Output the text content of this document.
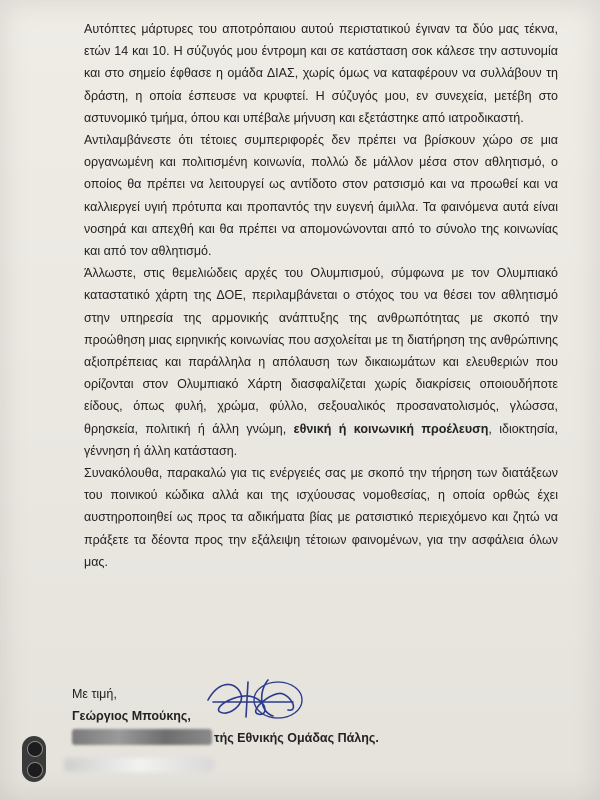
Αυτόπτες μάρτυρες του αποτρόπαιου αυτού περιστατικού έγιναν τα δύο μας τέκνα, ετών 14 και 10. Η σύζυγός μου έντρομη και σε κατάσταση σοκ κάλεσε την αστυνομία και στο σημείο έφθασε η ομάδα ΔΙΑΣ, χωρίς όμως να καταφέρουν να συλλάβουν τη δράστη, η οποία έσπευσε να κρυφτεί. Η σύζυγός μου, εν συνεχεία, μετέβη στο αστυνομικό τμήμα, όπου και υπέβαλε μήνυση και εξετάστηκε από ιατροδικαστή.

Αντιλαμβάνεστε ότι τέτοιες συμπεριφορές δεν πρέπει να βρίσκουν χώρο σε μια οργανωμένη και πολιτισμένη κοινωνία, πολλώ δε μάλλον μέσα στον αθλητισμό, ο οποίος θα πρέπει να λειτουργεί ως αντίδοτο στον ρατσισμό και να προωθεί και να καλλιεργεί υγιή πρότυπα και προπαντός την ευγενή άμιλλα. Τα φαινόμενα αυτά είναι νοσηρά και απεχθή και θα πρέπει να απομονώνονται από το σύνολο της κοινωνίας και από τον αθλητισμό.

Άλλωστε, στις θεμελιώδεις αρχές του Ολυμπισμού, σύμφωνα με τον Ολυμπιακό καταστατικό χάρτη της ΔΟΕ, περιλαμβάνεται ο στόχος του να θέσει τον αθλητισμό στην υπηρεσία της αρμονικής ανάπτυξης της ανθρωπότητας με σκοπό την προώθηση μιας ειρηνικής κοινωνίας που ασχολείται με τη διατήρηση της ανθρώπινης αξιοπρέπειας και παράλληλα η απόλαυση των δικαιωμάτων και ελευθεριών που ορίζονται στον Ολυμπιακό Χάρτη διασφαλίζεται χωρίς διακρίσεις οποιουδήποτε είδους, όπως φυλή, χρώμα, φύλλο, σεξουαλικός προσανατολισμός, γλώσσα, θρησκεία, πολιτική ή άλλη γνώμη, εθνική ή κοινωνική προέλευση, ιδιοκτησία, γέννηση ή άλλη κατάσταση.

Συνακόλουθα, παρακαλώ για τις ενέργειές σας με σκοπό την τήρηση των διατάξεων του ποινικού κώδικα αλλά και της ισχύουσας νομοθεσίας, η οποία ορθώς έχει αυστηροποιηθεί ως προς τα αδικήματα βίας με ρατσιστικό περιεχόμενο και ζητώ να πράξετε τα δέοντα προς την εξάλειψη τέτοιων φαινομένων, για την ασφάλεια όλων μας.

Με τιμή,
Γεώργιος Μπούκης,
τής Εθνικής Ομάδας Πάλης.
